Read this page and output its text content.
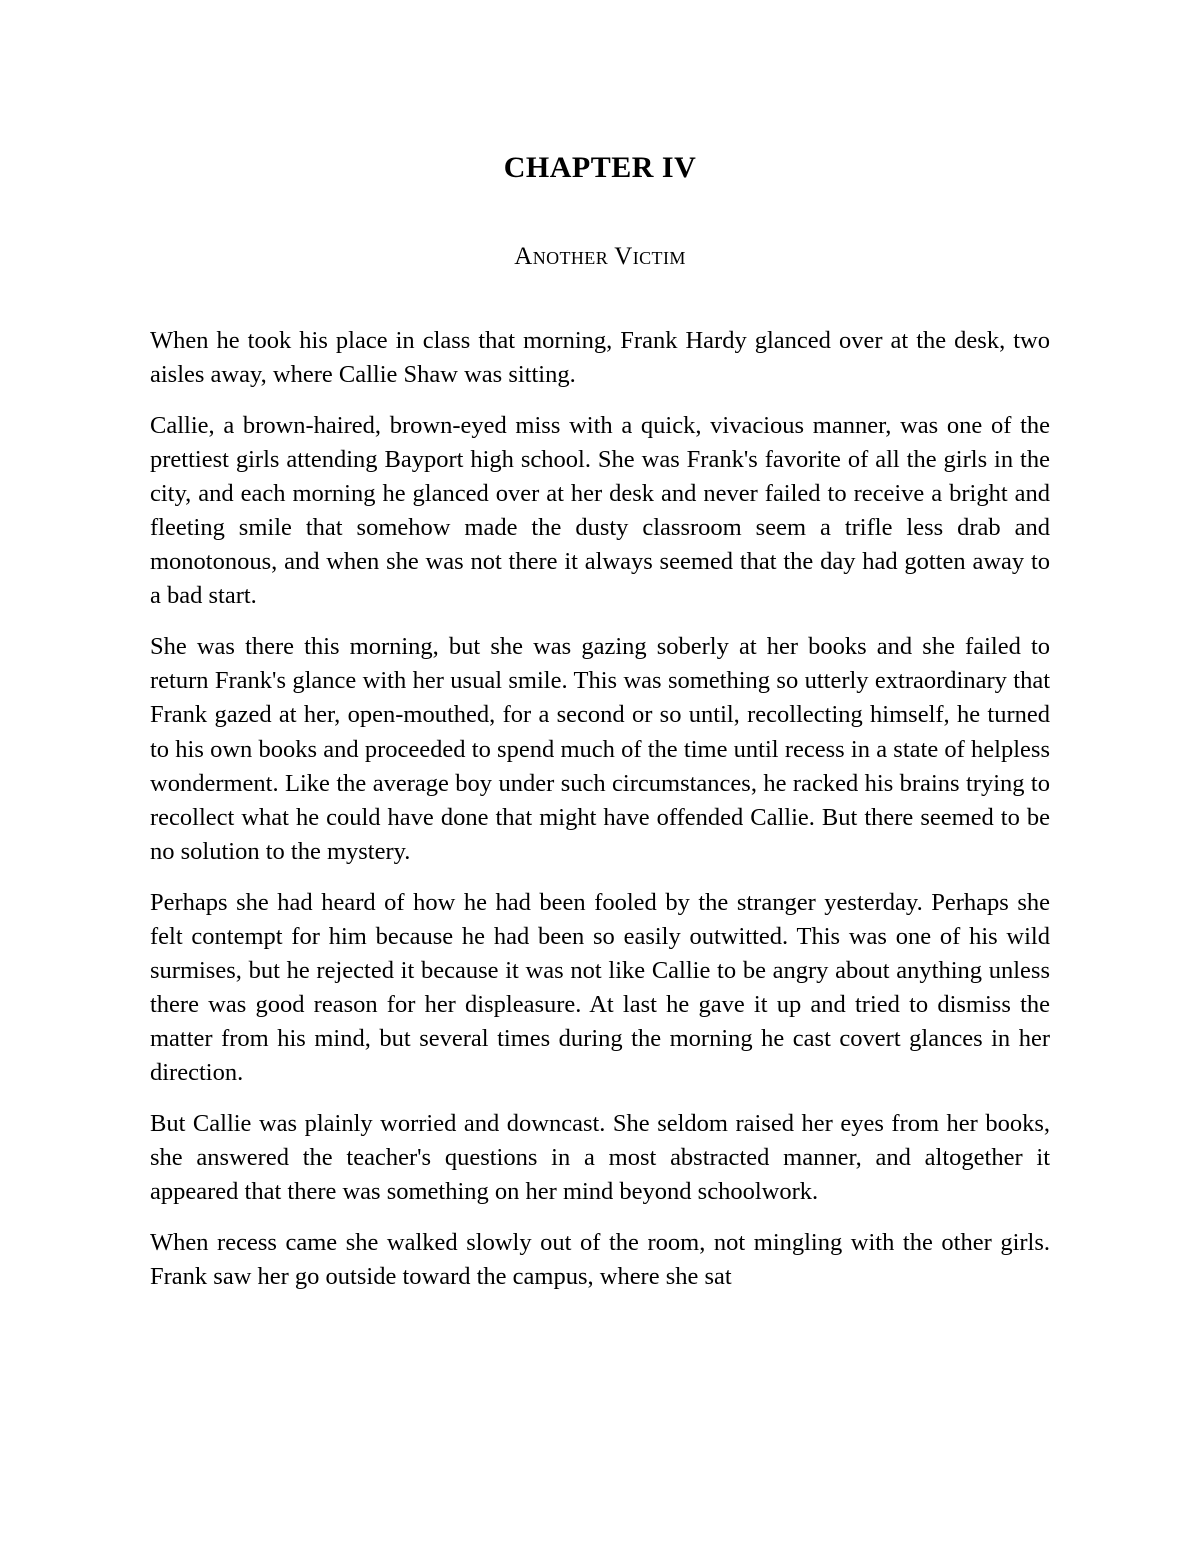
CHAPTER IV
Another Victim

When he took his place in class that morning, Frank Hardy glanced over at the desk, two aisles away, where Callie Shaw was sitting.

Callie, a brown-haired, brown-eyed miss with a quick, vivacious manner, was one of the prettiest girls attending Bayport high school. She was Frank's favorite of all the girls in the city, and each morning he glanced over at her desk and never failed to receive a bright and fleeting smile that somehow made the dusty classroom seem a trifle less drab and monotonous, and when she was not there it always seemed that the day had gotten away to a bad start.

She was there this morning, but she was gazing soberly at her books and she failed to return Frank's glance with her usual smile. This was something so utterly extraordinary that Frank gazed at her, open-mouthed, for a second or so until, recollecting himself, he turned to his own books and proceeded to spend much of the time until recess in a state of helpless wonderment. Like the average boy under such circumstances, he racked his brains trying to recollect what he could have done that might have offended Callie. But there seemed to be no solution to the mystery.

Perhaps she had heard of how he had been fooled by the stranger yesterday. Perhaps she felt contempt for him because he had been so easily outwitted. This was one of his wild surmises, but he rejected it because it was not like Callie to be angry about anything unless there was good reason for her displeasure. At last he gave it up and tried to dismiss the matter from his mind, but several times during the morning he cast covert glances in her direction.

But Callie was plainly worried and downcast. She seldom raised her eyes from her books, she answered the teacher's questions in a most abstracted manner, and altogether it appeared that there was something on her mind beyond schoolwork.

When recess came she walked slowly out of the room, not mingling with the other girls. Frank saw her go outside toward the campus, where she sat
